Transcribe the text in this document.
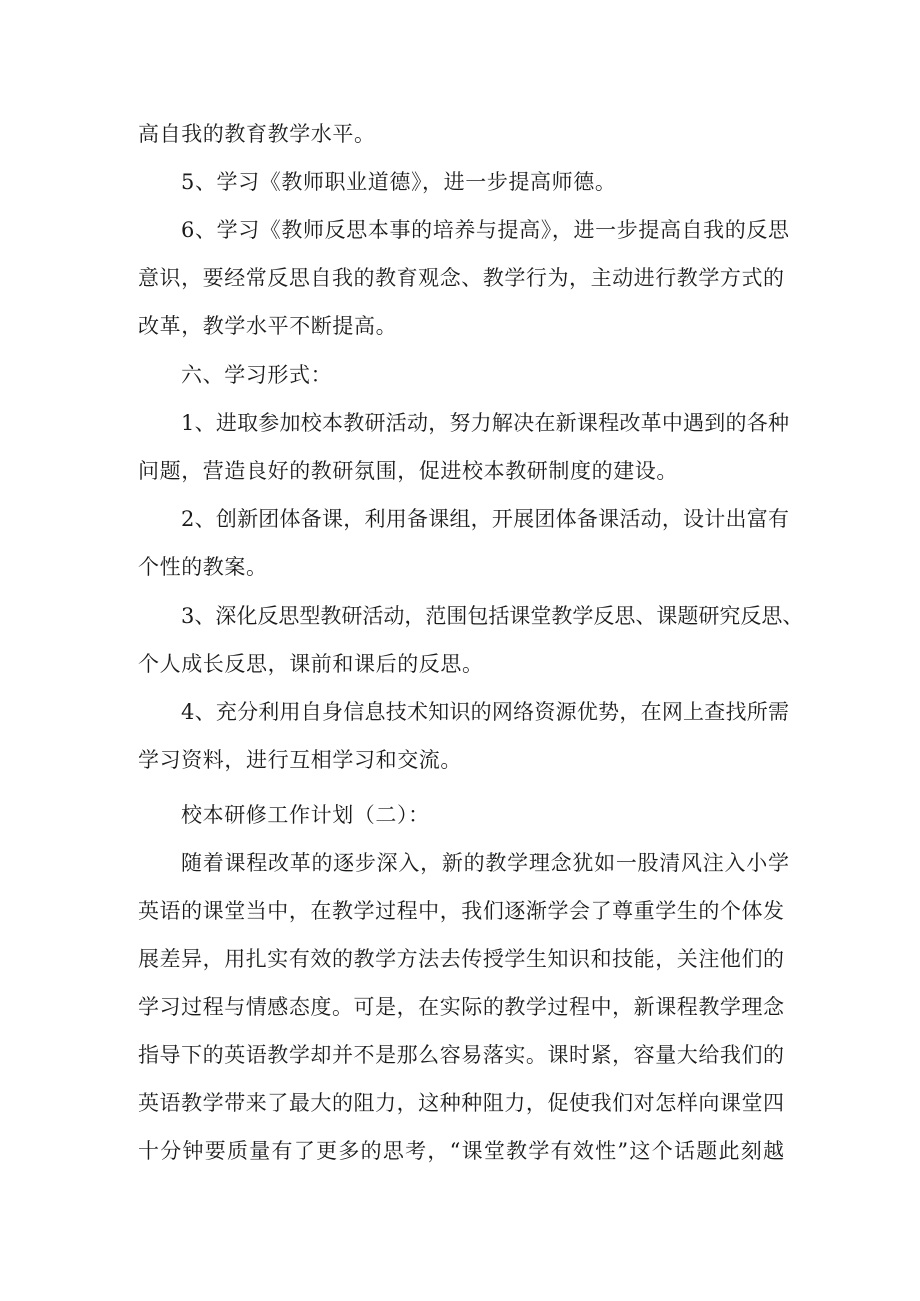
高自我的教育教学水平。
5、学习《教师职业道德》，进一步提高师德。
6、学习《教师反思本事的培养与提高》，进一步提高自我的反思
意识，要经常反思自我的教育观念、教学行为，主动进行教学方式的
改革，教学水平不断提高。
六、学习形式：
1、进取参加校本教研活动，努力解决在新课程改革中遇到的各种
问题，营造良好的教研氛围，促进校本教研制度的建设。
2、创新团体备课，利用备课组，开展团体备课活动，设计出富有
个性的教案。
3、深化反思型教研活动，范围包括课堂教学反思、课题研究反思、
个人成长反思，课前和课后的反思。
4、充分利用自身信息技术知识的网络资源优势，在网上查找所需
学习资料，进行互相学习和交流。
校本研修工作计划（二）：
随着课程改革的逐步深入，新的教学理念犹如一股清风注入小学
英语的课堂当中，在教学过程中，我们逐渐学会了尊重学生的个体发
展差异，用扎实有效的教学方法去传授学生知识和技能，关注他们的
学习过程与情感态度。可是，在实际的教学过程中，新课程教学理念
指导下的英语教学却并不是那么容易落实。课时紧，容量大给我们的
英语教学带来了最大的阻力，这种种阻力，促使我们对怎样向课堂四
十分钟要质量有了更多的思考，“课堂教学有效性”这个话题此刻越
